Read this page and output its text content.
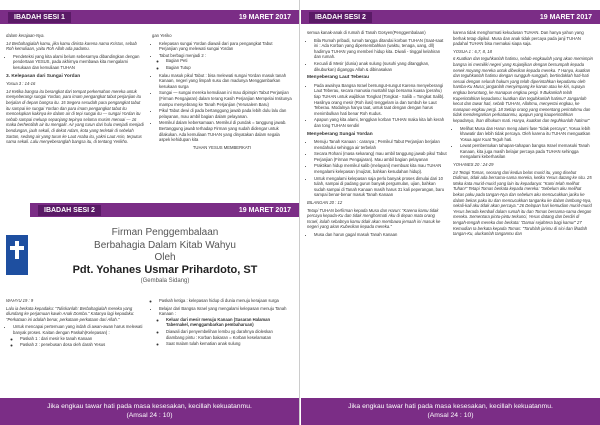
IBADAH SESI 1	19 MARET 2017

dalam kerajaan-Nya.

14 Berbahagialah kamu, jika kamu dinista karena nama Kristus, sebab Roh kemuliaan, yaitu Roh Allah ada padamu.

• Pendeteksi yang kita alami belum sebesarnya dibandingkan dengan pendertaan YESUS, pada akhirnya membawa kita mengalami kesukaan dan kemuliaan TUHAN

3. Kelepasan dari Sungai Yordan

Yosua 3 : 14-16

14 Ketika bangsa itu berangkat dari tempat perkemahan mereka untuk menyeberangi sungai Yordan, para imam pengangkat tabut perjanjian itu berjalan di depan bangsa itu. 15 Segera sesudah para pengangkat tabut itu sampai ke sungai Yordan dan para imam pengangkat tabut itu mencelupkan kakinya ke dalam air di tepi sungai itu — sungai Yordan itu sebab sampai meluap sepanjang tepinya selama musim menuai — 16 maka berhentilah air itu mengalir. Air yang turun dari hulu menjadi menjadi bendungan, jauh sekali, di dekat Adam, kota yang terletak di sebelah Sartan, sedang air yang turun ke Laut Araba itu, yakni Laut Asin, terputus sama sekali. Lalu menyeberanglah bangsa itu, di tentang Yerikho.

gan Yeriko

• Kelepasan sungai Yordan diawali dari para pengangkat Tabut Perjanjian yang melewati sungai Yordan
• Tabut berbagi menjadi 2 :
◦ Bagian Peti
◦ Bagian Tutup
• Kalau masuk pikul Tabut : bisa melewati sungai Yordan masuk tanah Kanaan, negeri yang limpah susu dan madunya Menggambarkan kesukaan surga
• Sungai — sungai mereka kemuliaan ini mau dipimpin Tabut Perjanjian (Firman Pengajaran) dalam terang Kasih Perjanjian Mempelai Insitunya mampu menyebrang ke Tanah Perjanjian (Yerusalem Baru)
• Pikul Tabut dewi di pada bertanggung jawab pada lebih dulu lalu dan pelayanan, mau ambil bagian dalam pelayanan.
• Memikul dalam kebersamaan. Memikul di pundak = tanggung jawab. Bertanggung jawab terhadap Firman yang sudah didengar untuk dilakukan. Ada kemuliaan TUHAN yang dinyatakan dalam segala aspek kehidupan kita

TUHAN YESUS MEMBERKATI

IBADAH SESI 2	19 MARET 2017
Firman Penggembalaan
Berbahagia Dalam Kitab Wahyu
Oleh
Pdt. Yohanes Usmar Prihardoto, ST
(Gembala Sidang)

WAHYU 19 : 9

Lalu ia berkata kepadaku: "Tuliskanlah: Berbahagialah mereka yang diundang ke perjamuan kawin Anak Domba." Katanya lagi kepadaku: "Perkataan ini adalah benar, perkataan-perkataan dari Allah."

• Untuk mencapai pertemuan yang indah di awan-awan harus melewati banyak proses. Kaitan dengan Paskah(Kelepasan) :
◦ Paskah 1 : dari mesir ke tanah Kanaan
◦ Paskah 2 : penebusan dosa oleh darah Yesus
◦ Paskah ketiga : kelepasan hidup di dunia menuju kerajaan surga
• Belajar dari Bangsa Israel yang mengalami kelepasan menuju Tanah Kanaan :
◦ Keluar dari mesir menuju Kanaan (Sasaran Halaman Tabernakel, menggambarkan pembaharuan)
◦ Diawali dari penyembelihan lembu yg darahnya dioleskan diambang pintu : Korban bakaran = Korban keselamatan
◦ Saat malam tulah kematian anak sulung
Jika engkau tawar hati pada masa kesesakan, kecillah kekuatanmu.
(Amsal 24 : 10)
IBADAH SESI 2	19 MARET 2017

semua kanak-anak di rumah di Tanah Gosyen(Penggembalaan)

• Bila Rumah pribadi, rumah tangga ditandai korban TUHAN (Saat-saat ini : Ada Korban yang dipersembahkan (waktu, tenaga, uang, dll) hadirnya TUHAN yang memberi hidup kita. Diwali - tinggal kelahiran dan rumah.
• Kecuali di Mesir (dunia) anak sulung (susuhi yang ditanggkan, dikuburkan) diganggu Allah & dibinasakan

Menyeberang Laut Teberau

• Pada awalnya Bangsa Israel bersungut-sungut Karena menyeberangi Laut Teberau, secara manusia mustahil tapi bersama kuasa (perahu) tiap TUHAN untuk wajibkan Tongkat (Tongkat - Saliib = Tongkat Salib). Hasilnya orang mesir (Roh ilusi) tenggelam ia dan tumbuh ke Laut Teberau. Modalnya hanya taat, untuk taat dengan dengan harus menimbulkan hati benar Roh Kudus.
• Apapun yang kita alami, tenggkan korban TUHAN maka kita lah kerah dan tong TUHAN sendiri

Menyeberang Sungai Yordan

• Menuju Tanah Kanaan : caranya ; Pemikul Tabut Perjanjian berjalan mendahului sehingga air terbelah
• Secara Rohani (masa sekarang) mau ambil tanggung jawab pikul Tabut Perjanjian (Firman Pengajaran). Mau ambil bagian pelayanan
• Praktikan hidup memikul salib (melayani) membuat kita mau TUHAN mengalami kelepasan (mujizat, bahkan kesudahan hidup).
• Untuk mengalami kelepasan saja perlu banyak proses dimulai dari 10 tulah, sampai di padang gurun banyak pergumulan, ujian, bahkan sudah sampai di Tanah Kanaan masih harus 31 kali peperangan, baru sampai benar-benar masuk Tanah Kanaan

BILANGAN 20 : 12

Tetapi TUHAN berfirman kepada Musa dan Harun: "Karena kamu tidak percaya kepada-Ku dan tidak menghormati Aku di depan mata orang Israel, itulah sebabnya kamu tidak akan membawa jemaah ini masuk ke negeri yang akan Kuberikan kepada mereka."

• Musa dan harun gagal masuk Tanah Kanaan

karena tidak menghormati kekudusan TUHAN. Dan hanya yahun yang berhak tetap dipikul. Musa dan anak tidak percaya pada janji TUHAN padahal TUHAN bisa memakai siapa saja.

YOSUA 1 : 6,7, 8, 18

6 Kuatkan dan teguhkanlah hatimu, sebab engkaulah yang akan memimpin bangsa ini memiliki negeri yang Kujanjikan dengan bersumpah kepada nenek moyang mereka untuk diberikan kepada mereka. 7 Hanya, kuatkan dan teguhkanlah hatimu dengan sungguh-sungguh, bertindaklah hati-hati sesuai dengan seluruh hukum yang telah diperintahkan kepadamu oleh hamba-Ku Musa; janganlah menyimpang ke kanan atau ke kiri, supaya engkau beruntung, ke manapun engkau pergi. 9 Bukankah telah Kuperintahkan kepadamu: kuatkan dan teguhkanlah hatimu? Janganlah kecut dan tawar hati, sebab TUHAN, Allahmu, menyertai engkau, ke manapun engkau pergi. 18 Setiap orang yang menentang perintahmu dan tidak mendengarkan perkataanmu, apapun yang kauperintahkan kepadanya, ihan dihukum mati. Hanya, kuatkan dan teguhkanlah hatimu!"

• Melihat Musa dan Harun meng alami fase "tidak percaya", Yosua lebih khawatir dan lebih tidak percaya. Oleh karena itu TUHAN menguatkan Yosua agar Kuat Teguh hati.
• Lewat pembentukan tahapan-tahapan bangsa Israel memasuki Tanah Kanaan, kita juga masih belajar percaya pada TUHAN sehingga mengalami keberhasilan

YOHANES 20 : 24-29

24 Tetapi Tomas, seorang dari kedua belas murid itu, yang disebut Didimus, tidak ada bersama-sama mereka, ketika Yesus datang ke situ. 25 Maka kata murid-murid yang lain itu kepadanya: "Kami telah melihat Tuhan!" Tetapi Tomas berkata kepada mereka: "Sebelum aku melihat bekas paku pada tangan-Nya dan sebelum aku mencucukkan jariku ke dalam bekas paku itu dan mencucukkan tanganku ke dalam lambung-Nya, sekali-kali aku tidak akan percaya." 26 Delapan hari kemudian murid-murid Yesus berada kembali dalam rumah itu dan Tomas bersama-sama dengan mereka. Sementara pintu-pintu terkunci, Yesus datang dan berdiri di tengah-tengah mereka dan berkata: "Damai sejahtera bagi kamu!" 27 Kemudian Ia berkata kepada Tomas: "Taruhlah jarimu di sini dan lihatlah tangan-Ku, ulurkanlah tanganmu dan

Jika engkau tawar hati pada masa kesesakan, kecillah kekuatanmu.
(Amsal 24 : 10)
